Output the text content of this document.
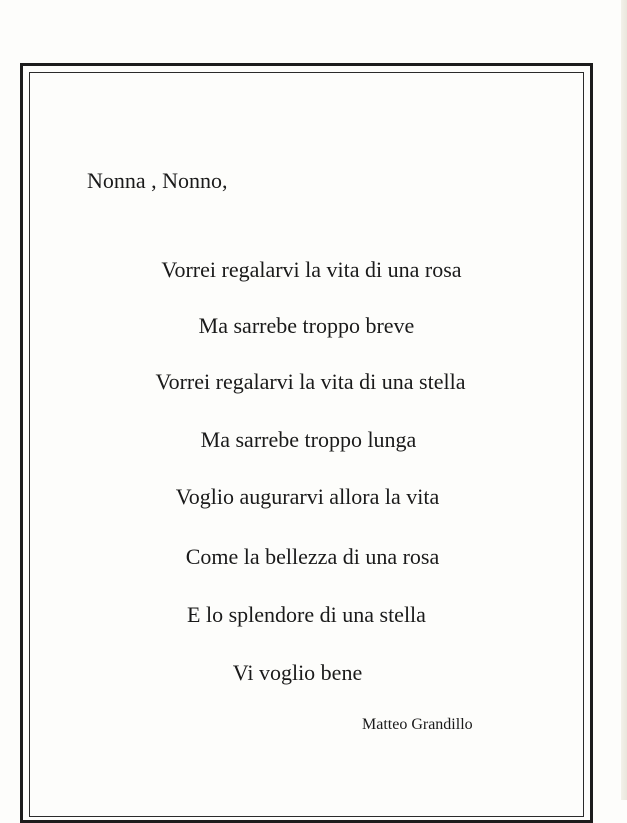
Nonna , Nonno,
Vorrei regalarvi la vita di una rosa
Ma sarrebe troppo breve
Vorrei regalarvi la vita di una stella
Ma sarrebe troppo lunga
Voglio augurarvi allora la vita
Come la bellezza di una rosa
E lo splendore di una stella
Vi voglio bene
Matteo Grandillo
